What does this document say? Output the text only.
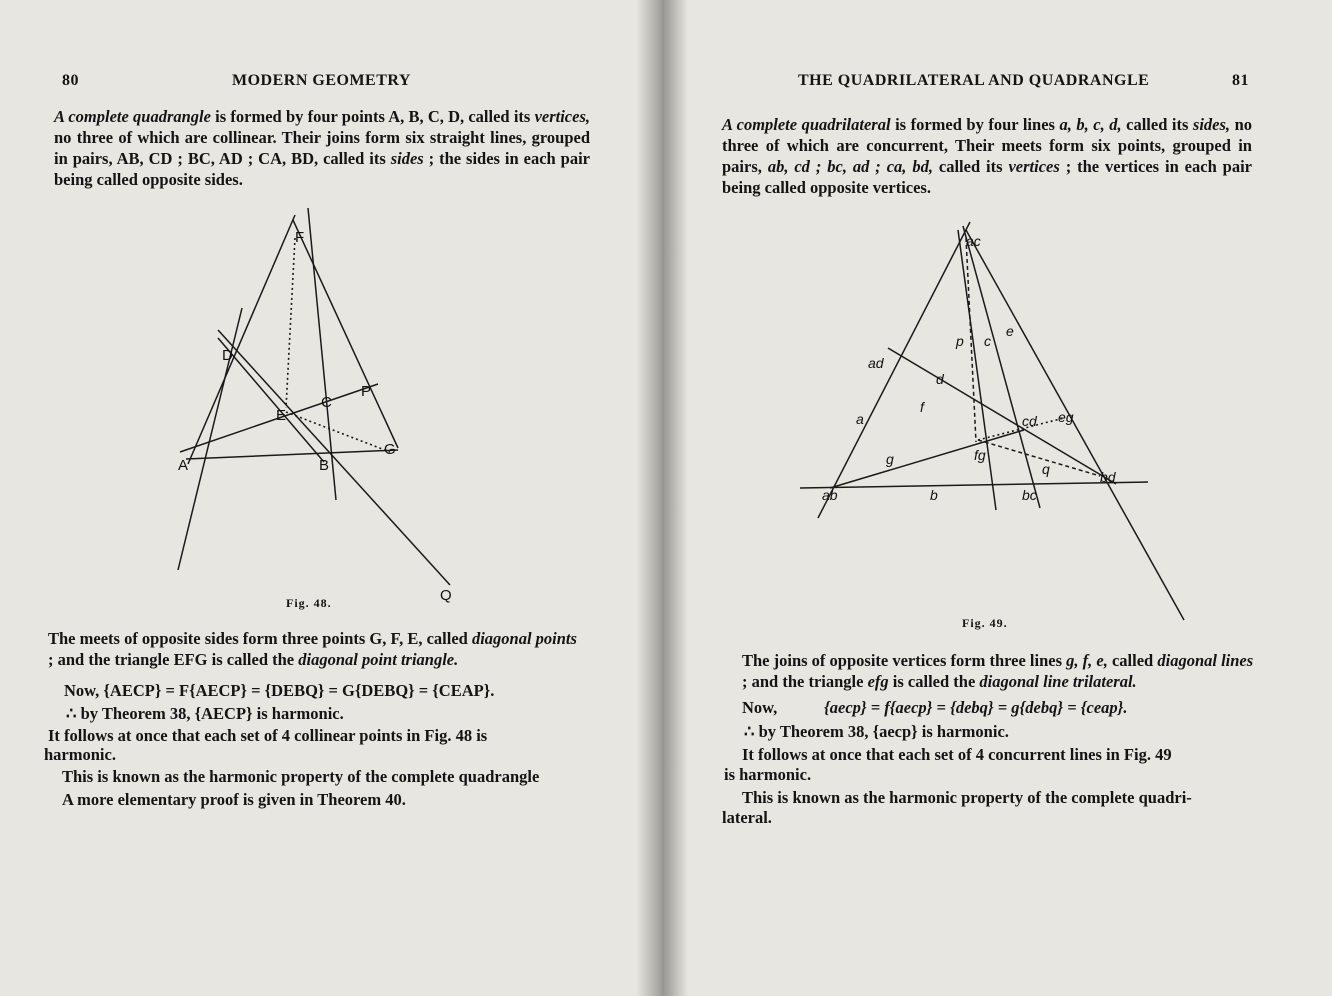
80	MODERN GEOMETRY

A complete quadrangle is formed by four points A, B, C, D, called its vertices, no three of which are collinear. Their joins form six straight lines, grouped in pairs, AB, CD ; BC, AD ; CA, BD, called its sides ; the sides in each pair being called opposite sides.

A	B
C
D
E
F
G
P
Q
Fig. 48.

The meets of opposite sides form three points G, F, E, called diagonal points ; and the triangle EFG is called the diagonal point triangle.

Now, {AECP} = F{AECP} = {DEBQ} = G{DEBQ} = {CEAP}.
∴ by Theorem 38, {AECP} is harmonic.
It follows at once that each set of 4 collinear points in Fig. 48 is
harmonic.
This is known as the harmonic property of the complete quadrangle
A more elementary proof is given in Theorem 40.
THE QUADRILATERAL AND QUADRANGLE	81

A complete quadrilateral is formed by four lines a, b, c, d, called its sides, no three of which are concurrent, Their meets form six points, grouped in pairs, ab, cd ; bc, ad ; ca, bd, called its vertices ; the vertices in each pair being called opposite vertices.

ac
ad
ab	bc
bd
cd eg
fg
a
b
c
d
e
f
g
p
q
Fig. 49.

The joins of opposite vertices form three lines g, f, e, called diagonal lines ; and the triangle efg is called the diagonal line trilateral.

Now,	{aecp} = f{aecp} = {debq} = g{debq} = {ceap}.
∴ by Theorem 38, {aecp} is harmonic.
It follows at once that each set of 4 concurrent lines in Fig. 49
is harmonic.
This is known as the harmonic property of the complete quadri-
lateral.
